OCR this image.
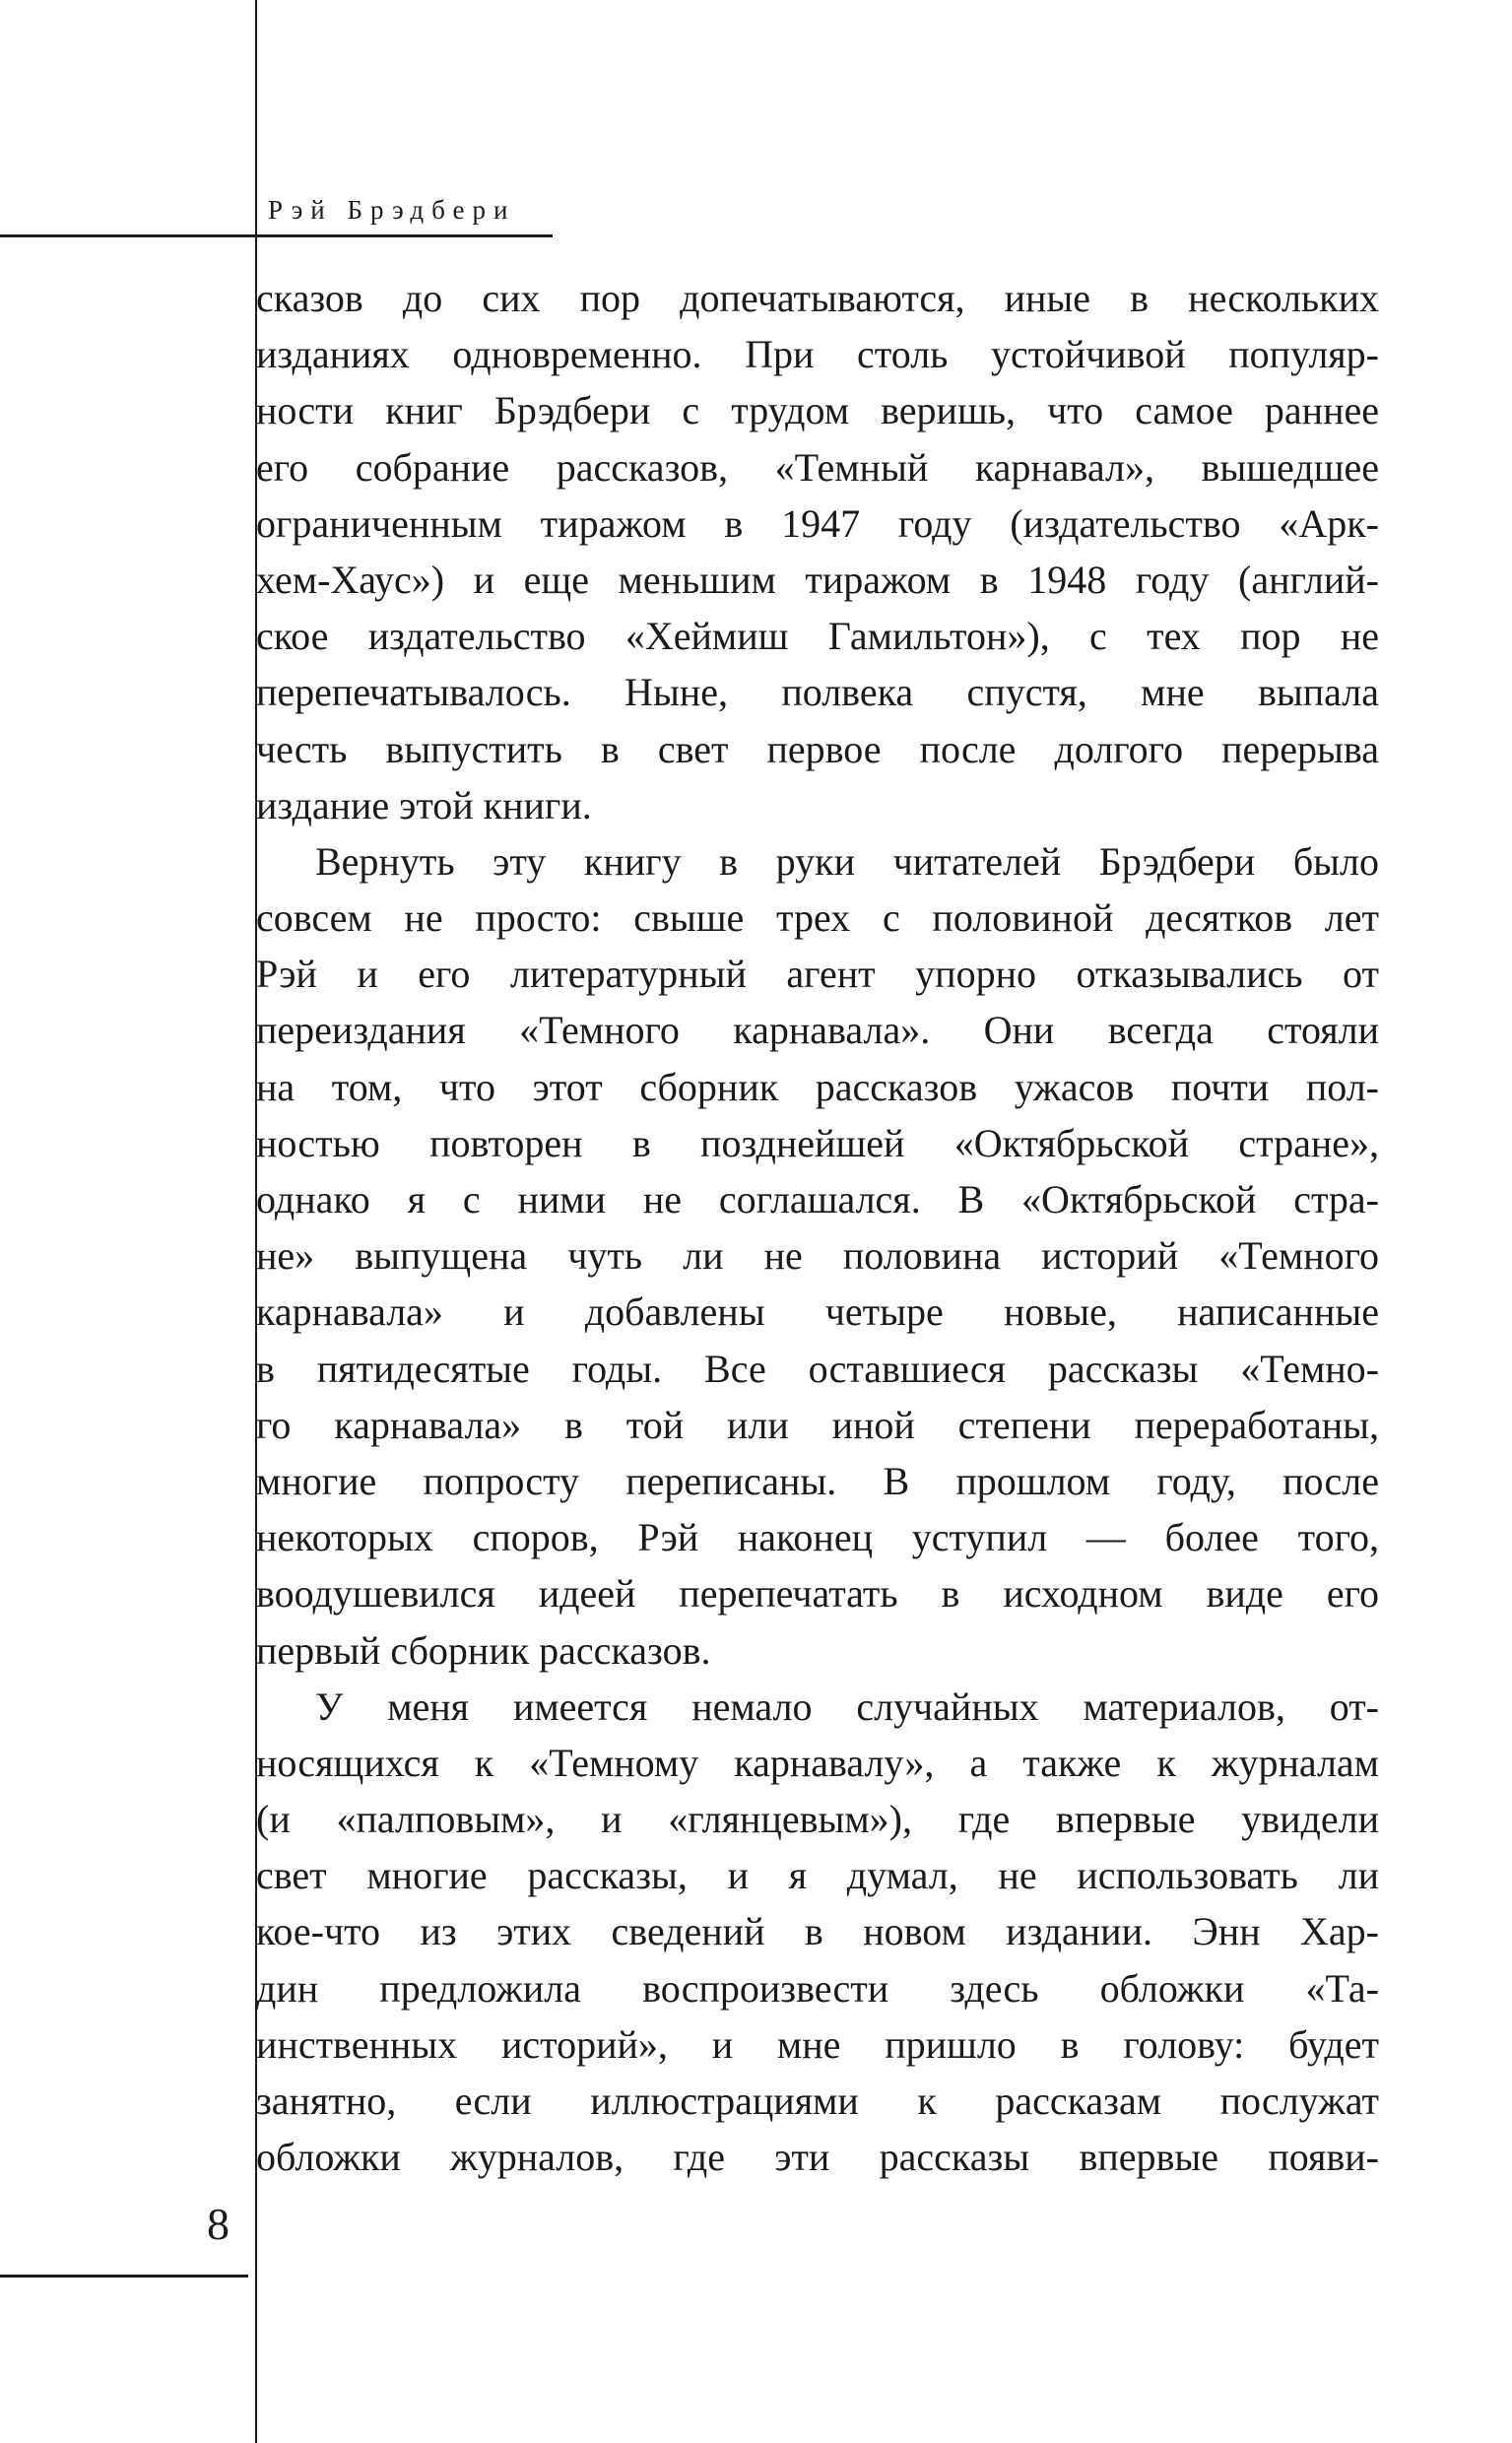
Рэй Брэдбери
сказов до сих пор допечатываются, иные в нескольких
изданиях одновременно. При столь устойчивой популяр-
ности книг Брэдбери с трудом веришь, что самое раннее
его собрание рассказов, «Темный карнавал», вышедшее
ограниченным тиражом в 1947 году (издательство «Арк-
хем-Хаус») и еще меньшим тиражом в 1948 году (англий-
ское издательство «Хеймиш Гамильтон»), с тех пор не
перепечатывалось. Ныне, полвека спустя, мне выпала
честь выпустить в свет первое после долгого перерыва
издание этой книги.
Вернуть эту книгу в руки читателей Брэдбери было
совсем не просто: свыше трех с половиной десятков лет
Рэй и его литературный агент упорно отказывались от
переиздания «Темного карнавала». Они всегда стояли
на том, что этот сборник рассказов ужасов почти пол-
ностью повторен в позднейшей «Октябрьской стране»,
однако я с ними не соглашался. В «Октябрьской стра-
не» выпущена чуть ли не половина историй «Темного
карнавала» и добавлены четыре новые, написанные
в пятидесятые годы. Все оставшиеся рассказы «Темно-
го карнавала» в той или иной степени переработаны,
многие попросту переписаны. В прошлом году, после
некоторых споров, Рэй наконец уступил — более того,
воодушевился идеей перепечатать в исходном виде его
первый сборник рассказов.
У меня имеется немало случайных материалов, от-
носящихся к «Темному карнавалу», а также к журналам
(и «палповым», и «глянцевым»), где впервые увидели
свет многие рассказы, и я думал, не использовать ли
кое-что из этих сведений в новом издании. Энн Хар-
дин предложила воспроизвести здесь обложки «Та-
инственных историй», и мне пришло в голову: будет
занятно, если иллюстрациями к рассказам послужат
обложки журналов, где эти рассказы впервые появи-
8
